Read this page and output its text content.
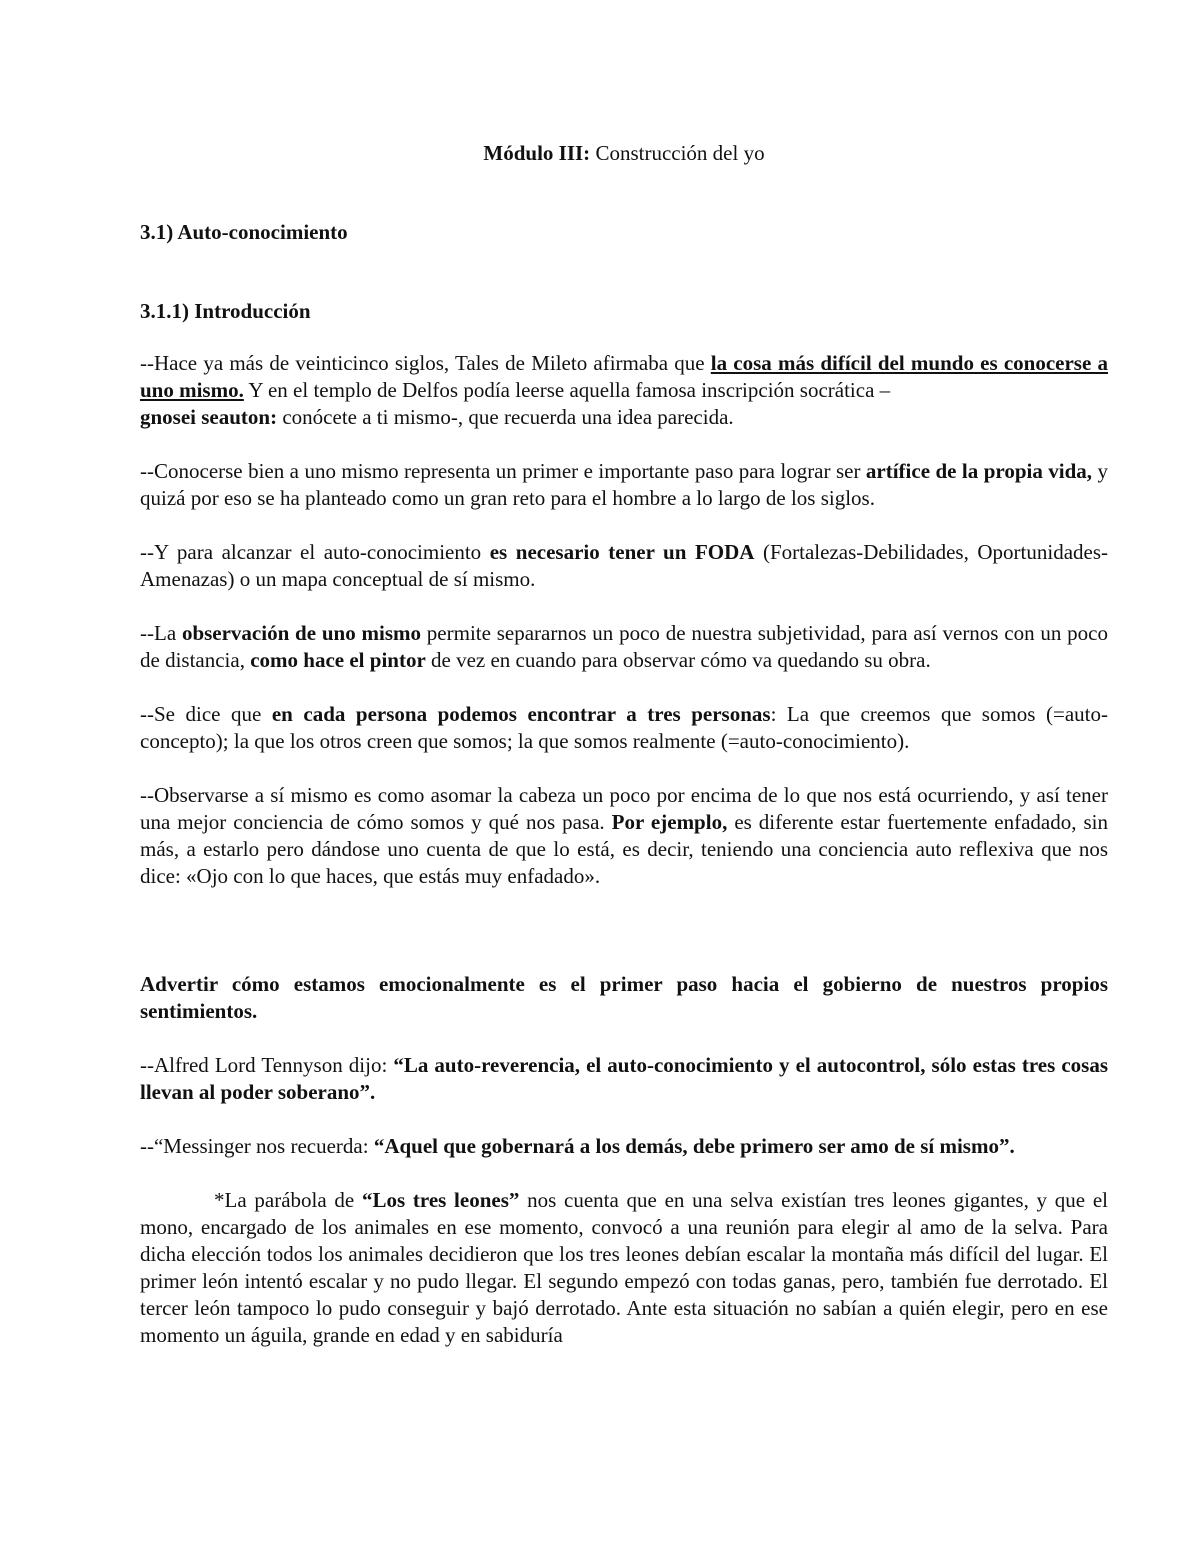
Módulo III: Construcción del yo
3.1) Auto-conocimiento
3.1.1) Introducción

--Hace ya más de veinticinco siglos, Tales de Mileto afirmaba que la cosa más difícil del mundo es conocerse a uno mismo. Y en el templo de Delfos podía leerse aquella famosa inscripción socrática –
gnosei seauton: conócete a ti mismo-, que recuerda una idea parecida.

--Conocerse bien a uno mismo representa un primer e importante paso para lograr ser artífice de la propia vida, y quizá por eso se ha planteado como un gran reto para el hombre a lo largo de los siglos.

--Y para alcanzar el auto-conocimiento es necesario tener un FODA (Fortalezas-Debilidades, Oportunidades-Amenazas) o un mapa conceptual de sí mismo.

--La observación de uno mismo permite separarnos un poco de nuestra subjetividad, para así vernos con un poco de distancia, como hace el pintor de vez en cuando para observar cómo va quedando su obra.

--Se dice que en cada persona podemos encontrar a tres personas: La que creemos que somos (=auto-concepto); la que los otros creen que somos; la que somos realmente (=auto-conocimiento).

--Observarse a sí mismo es como asomar la cabeza un poco por encima de lo que nos está ocurriendo, y así tener una mejor conciencia de cómo somos y qué nos pasa. Por ejemplo, es diferente estar fuertemente enfadado, sin más, a estarlo pero dándose uno cuenta de que lo está, es decir, teniendo una conciencia auto reflexiva que nos dice: «Ojo con lo que haces, que estás muy enfadado».

Advertir cómo estamos emocionalmente es el primer paso hacia el gobierno de nuestros propios sentimientos.

--Alfred Lord Tennyson dijo: “La auto-reverencia, el auto-conocimiento y el autocontrol, sólo estas tres cosas llevan al poder soberano”.

--“Messinger nos recuerda: “Aquel que gobernará a los demás, debe primero ser amo de sí mismo”.

*La parábola de “Los tres leones” nos cuenta que en una selva existían tres leones gigantes, y que el mono, encargado de los animales en ese momento, convocó a una reunión para elegir al amo de la selva. Para dicha elección todos los animales decidieron que los tres leones debían escalar la montaña más difícil del lugar. El primer león intentó escalar y no pudo llegar. El segundo empezó con todas ganas, pero, también fue derrotado. El tercer león tampoco lo pudo conseguir y bajó derrotado. Ante esta situación no sabían a quién elegir, pero en ese momento un águila, grande en edad y en sabiduría
